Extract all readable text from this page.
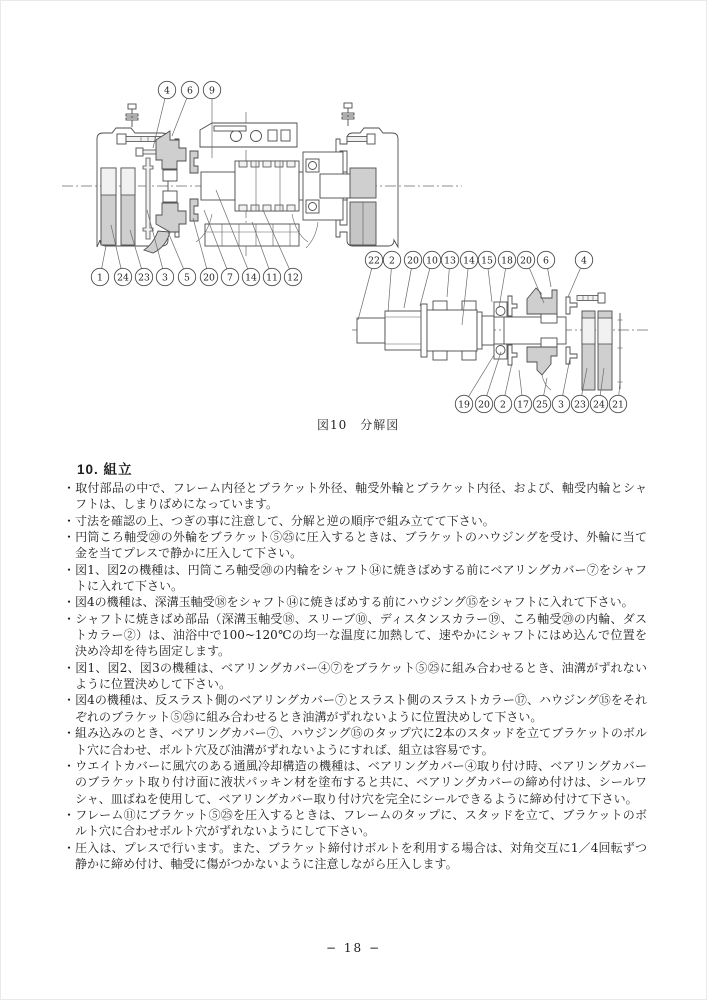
4 6 9
1 24 23 3 5 20 7 14 11 12
22 2 20 10 13 14 15 18 20 6	4
19 20 2 17 25 3 23 24 21
図10　分解図
10. 組立

・取付部品の中で、フレーム内径とブラケット外径、軸受外輪とブラケット内径、および、軸受内輪とシャフトは、しまりばめになっています。

・寸法を確認の上、つぎの事に注意して、分解と逆の順序で組み立てて下さい。

・円筒ころ軸受⑳の外輪をブラケット⑤㉕に圧入するときは、ブラケットのハウジングを受け、外輪に当て金を当てプレスで静かに圧入して下さい。

・図1、図2の機種は、円筒ころ軸受⑳の内輪をシャフト⑭に焼きばめする前にベアリングカバー⑦をシャフトに入れて下さい。

・図4の機種は、深溝玉軸受⑱をシャフト⑭に焼きばめする前にハウジング⑮をシャフトに入れて下さい。

・シャフトに焼きばめ部品（深溝玉軸受⑱、スリーブ⑩、ディスタンスカラー⑲、ころ軸受⑳の内輪、ダストカラー②）は、油浴中で100~120℃の均一な温度に加熱して、速やかにシャフトにはめ込んで位置を決め冷却を待ち固定します。

・図1、図2、図3の機種は、ベアリングカバー④⑦をブラケット⑤㉕に組み合わせるとき、油溝がずれないように位置決めして下さい。

・図4の機種は、反スラスト側のベアリングカバー⑦とスラスト側のスラストカラー⑰、ハウジング⑮をそれぞれのブラケット⑤㉕に組み合わせるとき油溝がずれないように位置決めして下さい。

・組み込みのとき、ベアリングカバー⑦、ハウジング⑮のタップ穴に2本のスタッドを立てブラケットのボルト穴に合わせ、ボルト穴及び油溝がずれないようにすれば、組立は容易です。

・ウエイトカバーに風穴のある通風冷却構造の機種は、ベアリングカバー④取り付け時、ベアリングカバーのブラケット取り付け面に液状パッキン材を塗布すると共に、ベアリングカバーの締め付けは、シールワシャ、皿ばねを使用して、ベアリングカバー取り付け穴を完全にシールできるように締め付けて下さい。

・フレーム⑪にブラケット⑤㉕を圧入するときは、フレームのタップに、スタッドを立て、ブラケットのボルト穴に合わせボルト穴がずれないようにして下さい。

・圧入は、プレスで行います。また、ブラケット締付けボルトを利用する場合は、対角交互に1／4回転ずつ静かに締め付け、軸受に傷がつかないように注意しながら圧入します。

− 18 −
